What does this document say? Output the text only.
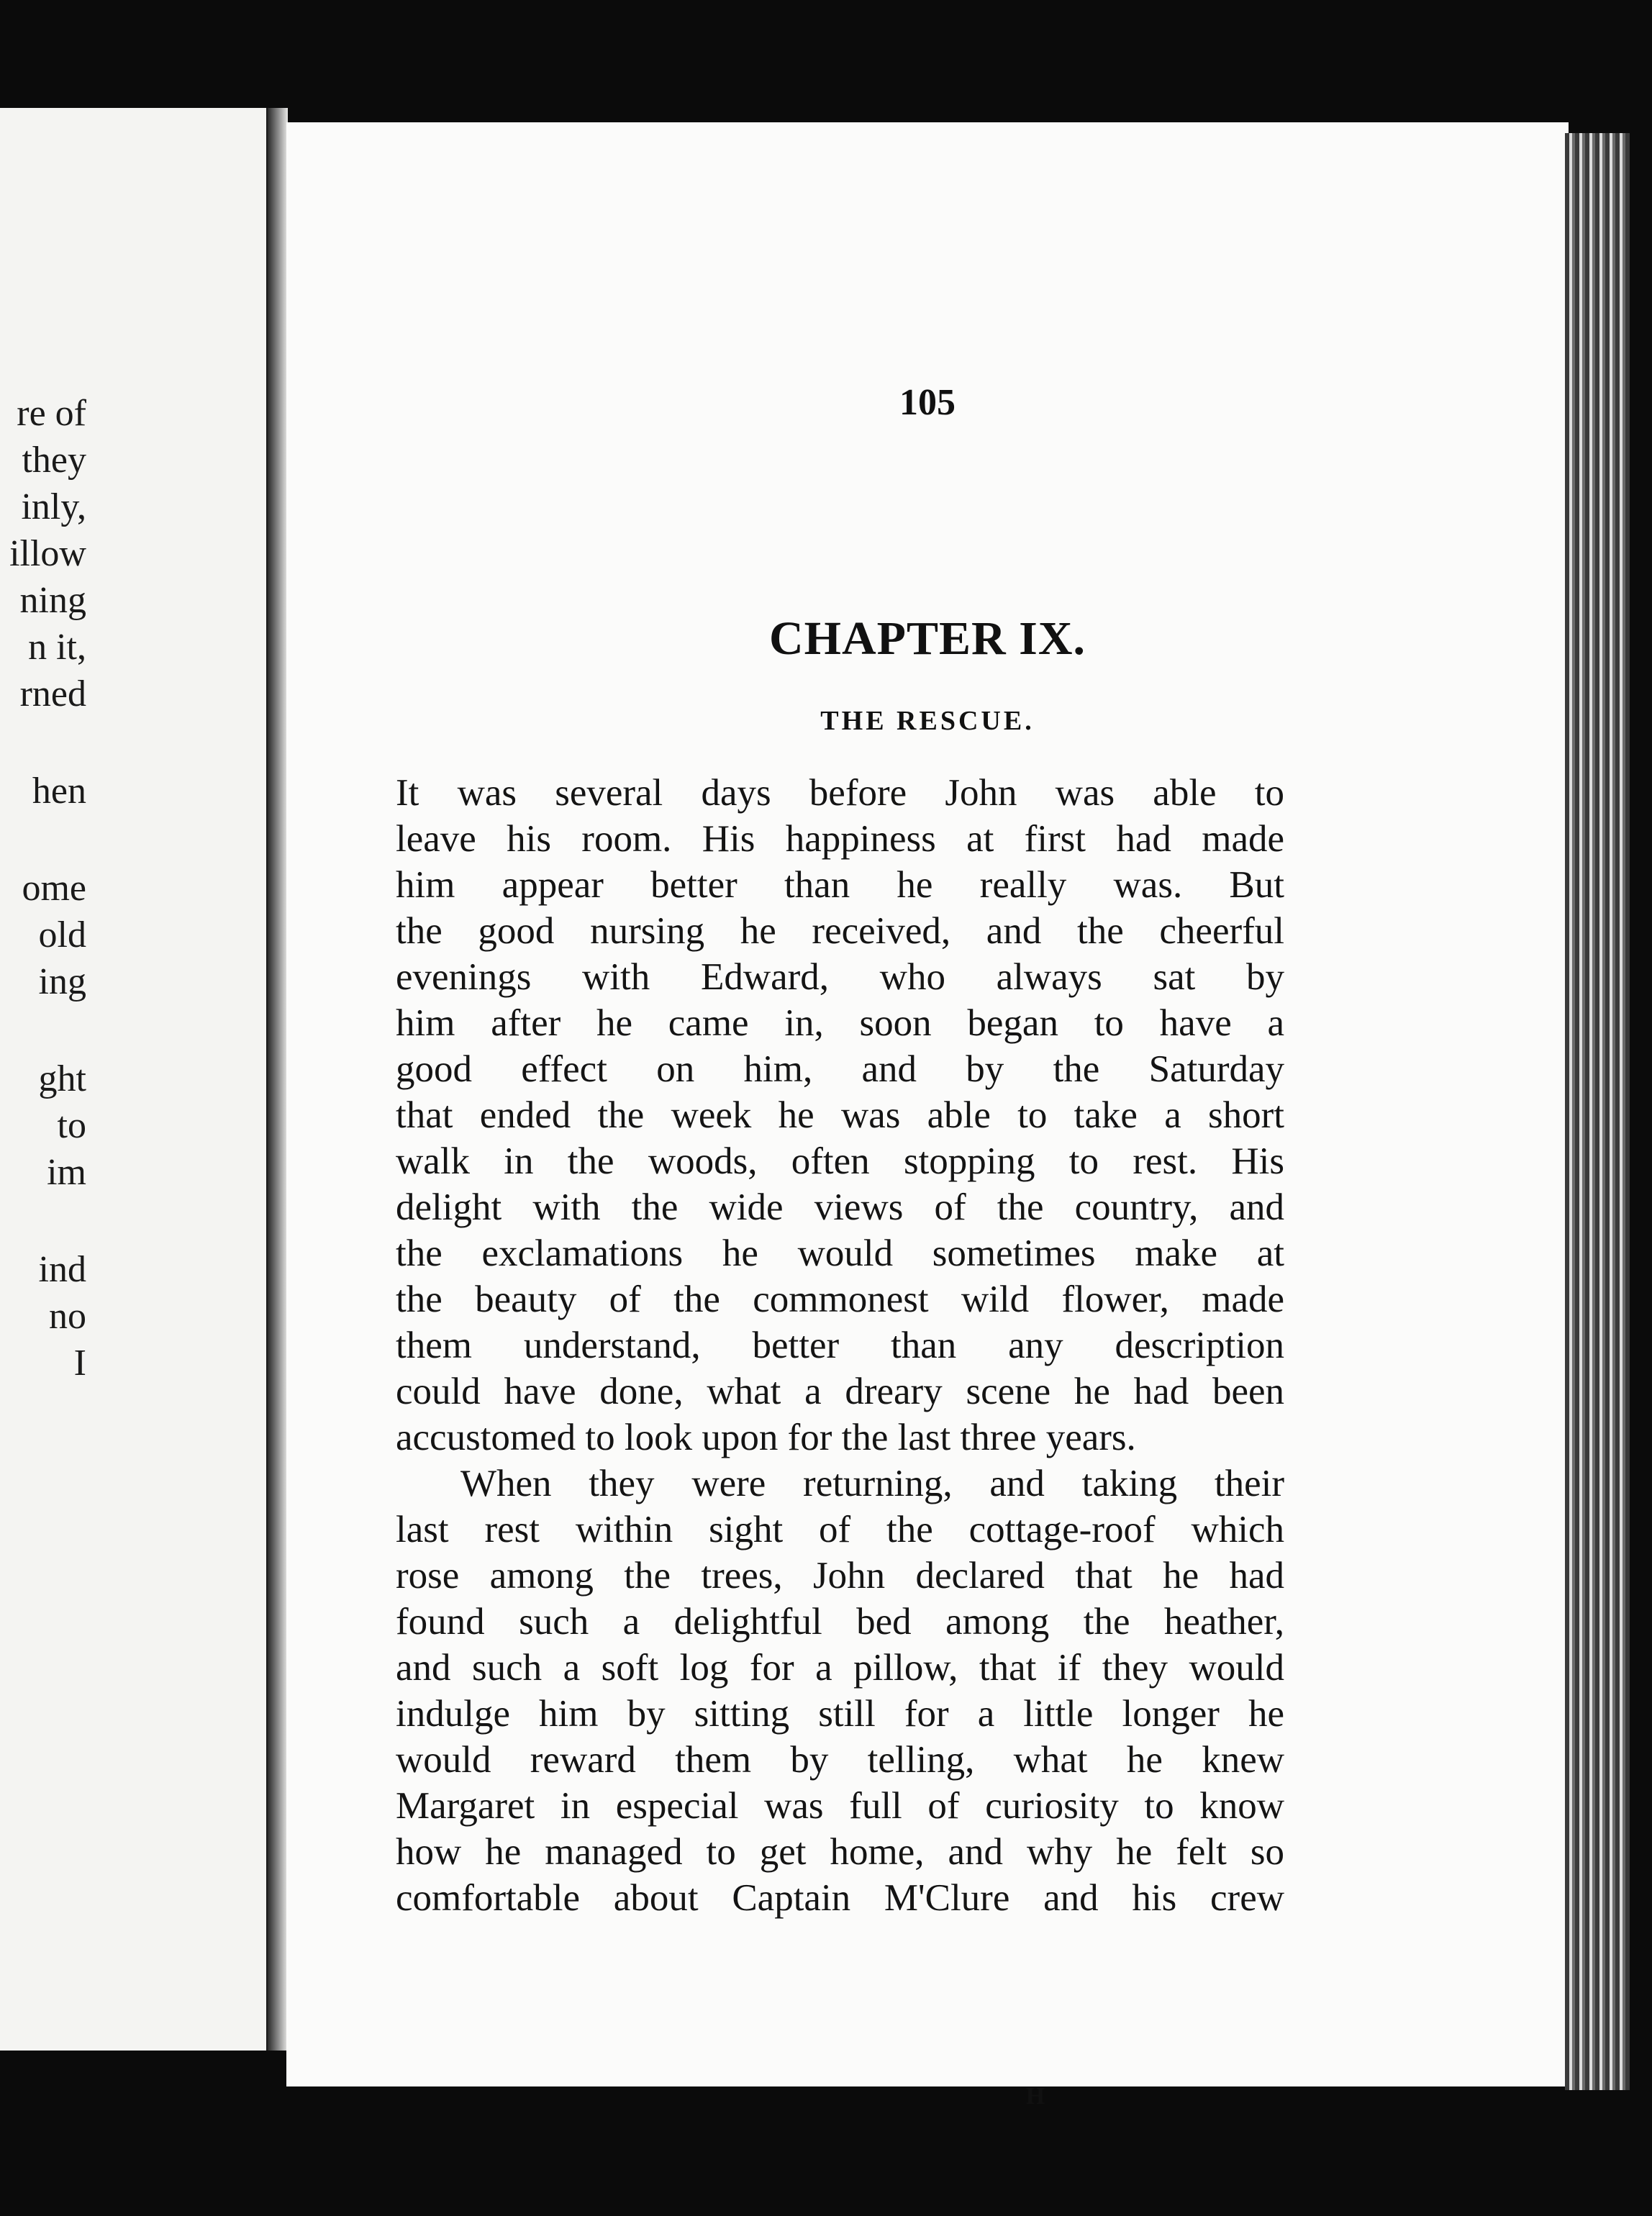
re of
they
inly,
illow
ning
n it,
rned
hen
ome
old
ing
ght
to
im
ind
no
I
105
CHAPTER IX.
THE RESCUE.
It was several days before John was able to
leave his room. His happiness at first had made
him appear better than he really was. But
the good nursing he received, and the cheerful
evenings with Edward, who always sat by
him after he came in, soon began to have a
good effect on him, and by the Saturday
that ended the week he was able to take a short
walk in the woods, often stopping to rest. His
delight with the wide views of the country, and
the exclamations he would sometimes make at
the beauty of the commonest wild flower, made
them understand, better than any description
could have done, what a dreary scene he had been
accustomed to look upon for the last three years.
When they were returning, and taking their
last rest within sight of the cottage-roof which
rose among the trees, John declared that he had
found such a delightful bed among the heather,
and such a soft log for a pillow, that if they would
indulge him by sitting still for a little longer he
would reward them by telling, what he knew
Margaret in especial was full of curiosity to know
how he managed to get home, and why he felt so
comfortable about Captain M'Clure and his crew
H
